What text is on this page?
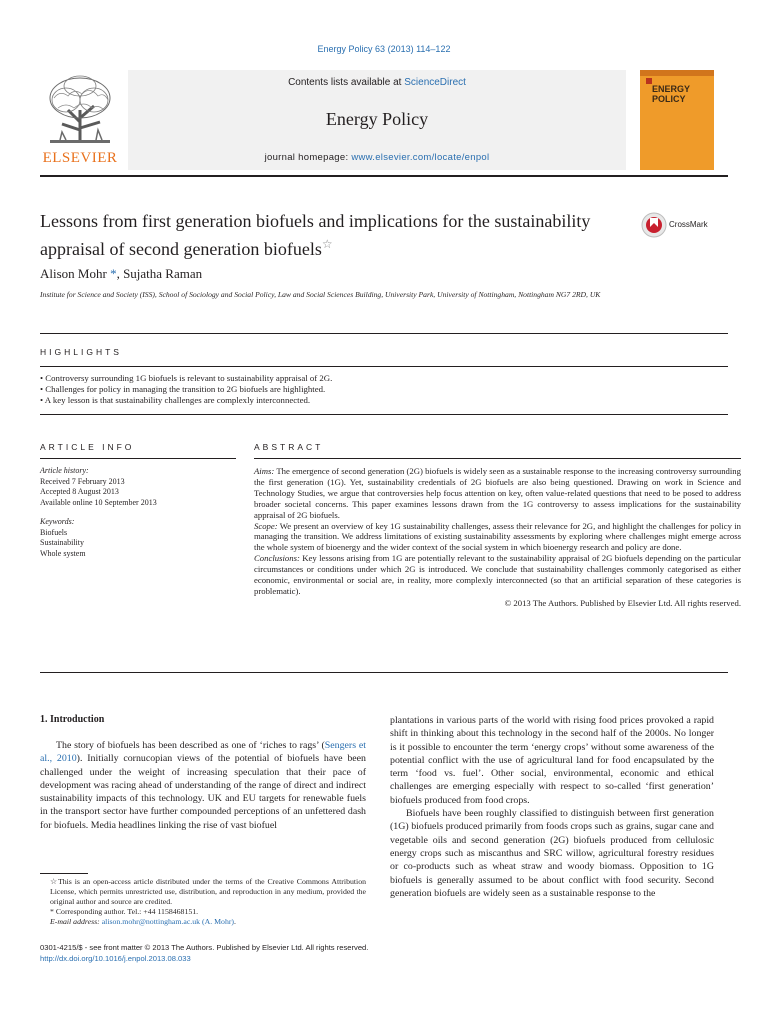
Energy Policy 63 (2013) 114–122
ELSEVIER
Contents lists available at ScienceDirect
Energy Policy
journal homepage: www.elsevier.com/locate/enpol
ENERGY
POLICY
Lessons from first generation biofuels and implications for the sustainability appraisal of second generation biofuels☆
CrossMark
Alison Mohr *, Sujatha Raman
Institute for Science and Society (ISS), School of Sociology and Social Policy, Law and Social Sciences Building, University Park, University of Nottingham, Nottingham NG7 2RD, UK
HIGHLIGHTS
• Controversy surrounding 1G biofuels is relevant to sustainability appraisal of 2G.
• Challenges for policy in managing the transition to 2G biofuels are highlighted.
• A key lesson is that sustainability challenges are complexly interconnected.
ARTICLE INFO	ABSTRACT
Article history:
Received 7 February 2013
Accepted 8 August 2013
Available online 10 September 2013
Keywords:
Biofuels
Sustainability
Whole system
Aims: The emergence of second generation (2G) biofuels is widely seen as a sustainable response to the increasing controversy surrounding the first generation (1G). Yet, sustainability credentials of 2G biofuels are also being questioned. Drawing on work in Science and Technology Studies, we argue that controversies help focus attention on key, often value-related questions that need to be posed to address broader societal concerns. This paper examines lessons drawn from the 1G controversy to assess implications for the sustainability appraisal of 2G biofuels.
Scope: We present an overview of key 1G sustainability challenges, assess their relevance for 2G, and highlight the challenges for policy in managing the transition. We address limitations of existing sustainability assessments by exploring where challenges might emerge across the whole system of bioenergy and the wider context of the social system in which bioenergy research and policy are done.
Conclusions: Key lessons arising from 1G are potentially relevant to the sustainability appraisal of 2G biofuels depending on the particular circumstances or conditions under which 2G is introduced. We conclude that sustainability challenges commonly categorised as either economic, environmental or social are, in reality, more complexly interconnected (so that an artificial separation of these categories is problematic).
© 2013 The Authors. Published by Elsevier Ltd. All rights reserved.
1. Introduction
The story of biofuels has been described as one of ‘riches to rags’ (Sengers et al., 2010). Initially cornucopian views of the potential of biofuels have been challenged under the weight of increasing speculation that their pace of development was racing ahead of understanding of the range of direct and indirect sustainability impacts of this technology. UK and EU targets for renewable fuels in the transport sector have further compounded perceptions of an unfettered dash for biofuels. Media headlines linking the rise of vast biofuel
☆This is an open-access article distributed under the terms of the Creative Commons Attribution License, which permits unrestricted use, distribution, and reproduction in any medium, provided the original author and source are credited.
* Corresponding author. Tel.: +44 1158468151.
E-mail address: alison.mohr@nottingham.ac.uk (A. Mohr).
plantations in various parts of the world with rising food prices provoked a rapid shift in thinking about this technology in the second half of the 2000s. No longer is it possible to encounter the term ‘energy crops’ without some awareness of the potential conflict with the use of agricultural land for food encapsulated by the term ‘food vs. fuel’. Other social, environmental, economic and ethical challenges are emerging especially with respect to so-called ‘first generation’ biofuels produced from food crops.
Biofuels have been roughly classified to distinguish between first generation (1G) biofuels produced primarily from foods crops such as grains, sugar cane and vegetable oils and second generation (2G) biofuels produced from cellulosic energy crops such as miscanthus and SRC willow, agricultural forestry residues or co-products such as wheat straw and woody biomass. Opposition to 1G biofuels is generally assumed to be about conflict with food security. Second generation biofuels are widely seen as a sustainable response to the
0301-4215/$ - see front matter © 2013 The Authors. Published by Elsevier Ltd. All rights reserved.
http://dx.doi.org/10.1016/j.enpol.2013.08.033
